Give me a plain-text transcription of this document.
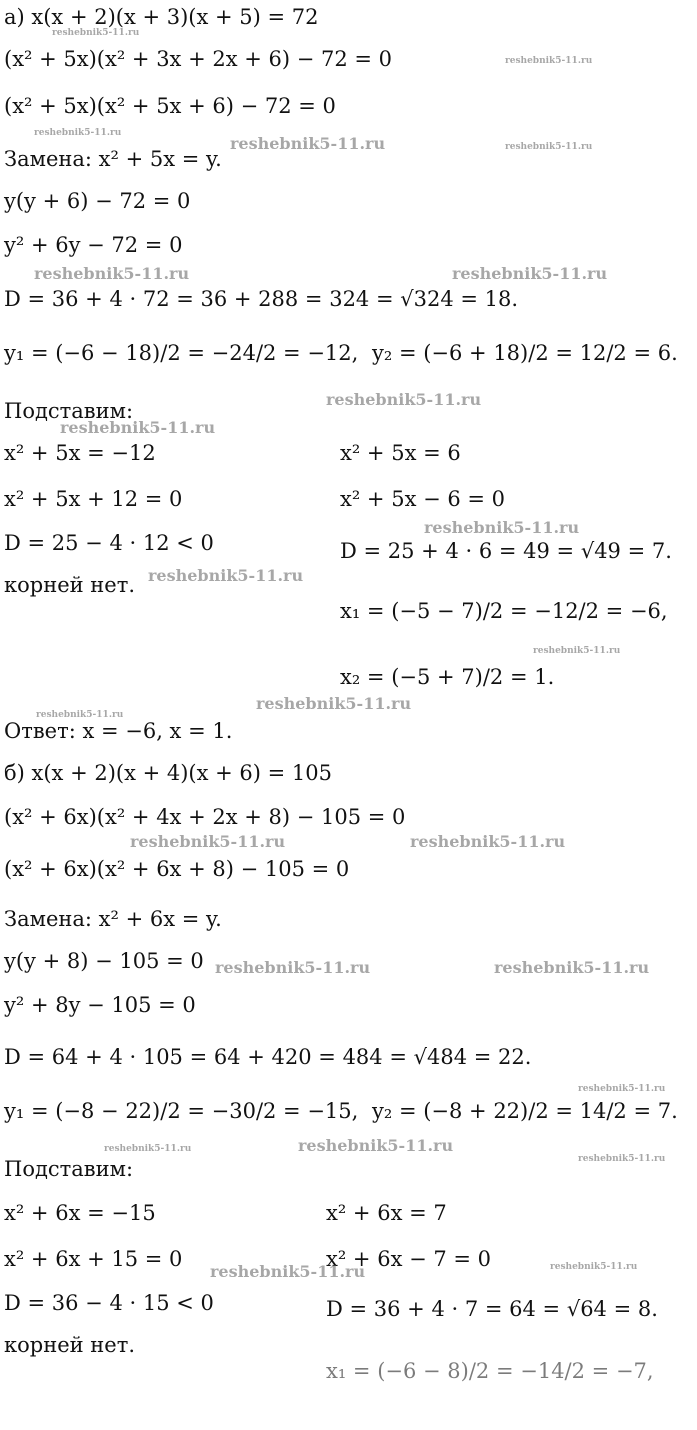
а) x(x + 2)(x + 3)(x + 5) = 72
(x² + 5x)(x² + 3x + 2x + 6) − 72 = 0
(x² + 5x)(x² + 5x + 6) − 72 = 0
Замена: x² + 5x = y.
y(y + 6) − 72 = 0
y² + 6y − 72 = 0
D = 36 + 4 · 72 = 36 + 288 = 324 = √324 = 18.
y₁ = (−6 − 18)/2 = −24/2 = −12, y₂ = (−6 + 18)/2 = 12/2 = 6.
Подставим:
x² + 5x = −12
x² + 5x + 12 = 0
D = 25 − 4 · 12 < 0
корней нет.
x² + 5x = 6
x² + 5x − 6 = 0
D = 25 + 4 · 6 = 49 = √49 = 7.
x₁ = (−5 − 7)/2 = −12/2 = −6,
x₂ = (−5 + 7)/2 = 1.
Ответ: x = −6, x = 1.
б) x(x + 2)(x + 4)(x + 6) = 105
(x² + 6x)(x² + 4x + 2x + 8) − 105 = 0
(x² + 6x)(x² + 6x + 8) − 105 = 0
Замена: x² + 6x = y.
y(y + 8) − 105 = 0
y² + 8y − 105 = 0
D = 64 + 4 · 105 = 64 + 420 = 484 = √484 = 22.
y₁ = (−8 − 22)/2 = −30/2 = −15, y₂ = (−8 + 22)/2 = 14/2 = 7.
Подставим:
x² + 6x = −15
x² + 6x + 15 = 0
D = 36 − 4 · 15 < 0
корней нет.
x² + 6x = 7
x² + 6x − 7 = 0
D = 36 + 4 · 7 = 64 = √64 = 8.
x₁ = (−6 − 8)/2 = −14/2 = −7,
reshebnik5-11.ru
reshebnik5-11.ru
reshebnik5-11.ru
reshebnik5-11.ru	reshebnik5-11.ru
reshebnik5-11.ru	reshebnik5-11.ru
reshebnik5-11.ru
reshebnik5-11.ru
reshebnik5-11.ru
reshebnik5-11.ru
reshebnik5-11.ru
reshebnik5-11.ru
reshebnik5-11.ru
reshebnik5-11.ru	reshebnik5-11.ru
reshebnik5-11.ru	reshebnik5-11.ru
reshebnik5-11.ru
reshebnik5-11.ru	reshebnik5-11.ru
reshebnik5-11.ru
reshebnik5-11.ru	reshebnik5-11.ru
